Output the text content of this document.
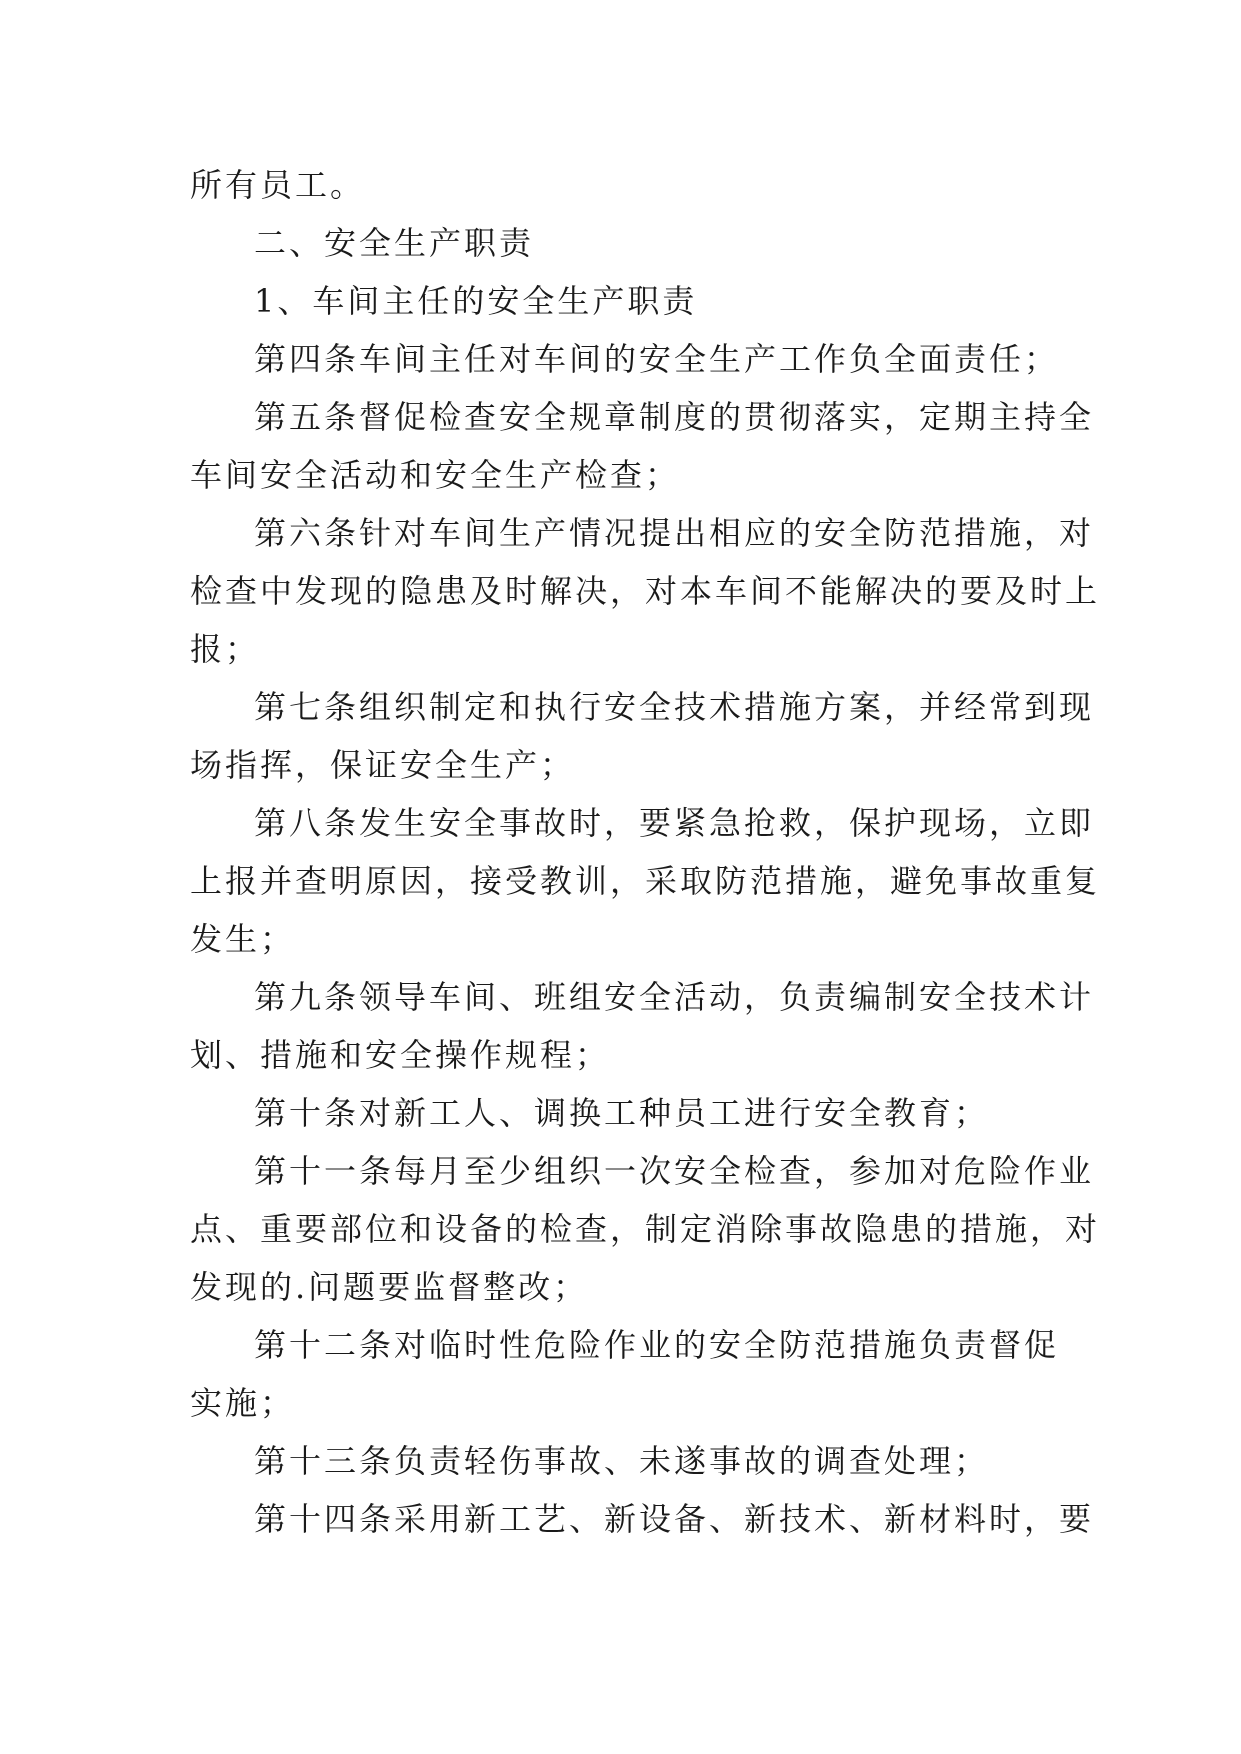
所有员工。
二、安全生产职责
1、车间主任的安全生产职责
第四条车间主任对车间的安全生产工作负全面责任；
第五条督促检查安全规章制度的贯彻落实，定期主持全
车间安全活动和安全生产检查；
第六条针对车间生产情况提出相应的安全防范措施，对
检查中发现的隐患及时解决，对本车间不能解决的要及时上
报；
第七条组织制定和执行安全技术措施方案，并经常到现
场指挥，保证安全生产；
第八条发生安全事故时，要紧急抢救，保护现场，立即
上报并查明原因，接受教训，采取防范措施，避免事故重复
发生；
第九条领导车间、班组安全活动，负责编制安全技术计
划、措施和安全操作规程；
第十条对新工人、调换工种员工进行安全教育；
第十一条每月至少组织一次安全检查，参加对危险作业
点、重要部位和设备的检查，制定消除事故隐患的措施，对
发现的.问题要监督整改；
第十二条对临时性危险作业的安全防范措施负责督促
实施；
第十三条负责轻伤事故、未遂事故的调查处理；
第十四条采用新工艺、新设备、新技术、新材料时，要
